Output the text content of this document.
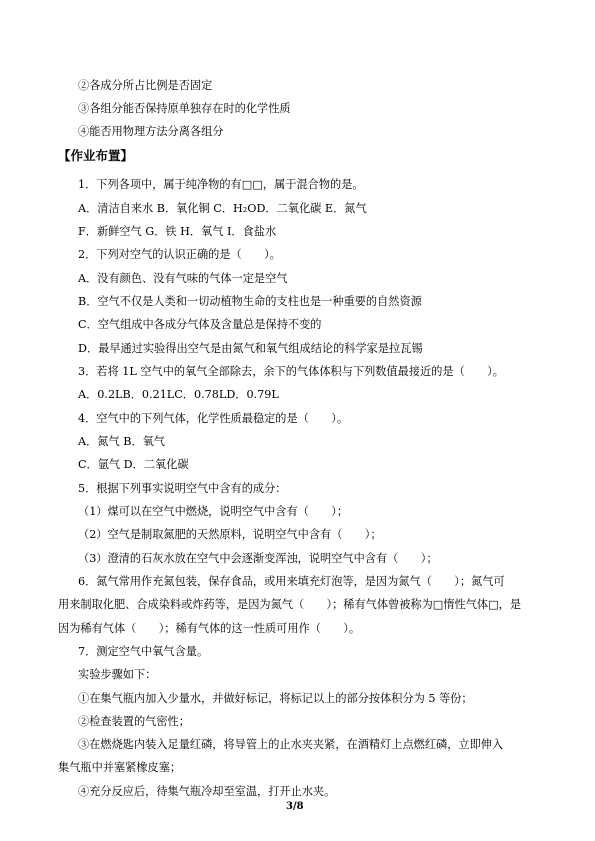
②各成分所占比例是否固定
③各组分能否保持原单独存在时的化学性质
④能否用物理方法分离各组分
【作业布置】
1．下列各项中，属于纯净物的有□□，属于混合物的是。
A．清洁自来水 B．氧化铜 C．H₂OD．二氧化碳 E．氮气
F．新鲜空气 G．铁 H．氧气 I．食盐水
2．下列对空气的认识正确的是（　　）。
A．没有颜色、没有气味的气体一定是空气
B．空气不仅是人类和一切动植物生命的支柱也是一种重要的自然资源
C．空气组成中各成分气体及含量总是保持不变的
D．最早通过实验得出空气是由氮气和氧气组成结论的科学家是拉瓦锡
3．若将 1L 空气中的氧气全部除去，余下的气体体积与下列数值最接近的是（　　）。
A．0.2LB．0.21LC．0.78LD．0.79L
4．空气中的下列气体，化学性质最稳定的是（　　）。
A．氮气 B．氧气
C．氩气 D．二氧化碳
5．根据下列事实说明空气中含有的成分：
（1）煤可以在空气中燃烧，说明空气中含有（　　）；
（2）空气是制取氮肥的天然原料，说明空气中含有（　　）；
（3）澄清的石灰水放在空气中会逐渐变浑浊，说明空气中含有（　　）；
6．氮气常用作充氮包装，保存食品，或用来填充灯泡等，是因为氮气（　　）；氮气可
用来制取化肥、合成染料或炸药等，是因为氮气（　　）；稀有气体曾被称为□惰性气体□，是
因为稀有气体（　　）；稀有气体的这一性质可用作（　　）。
7．测定空气中氧气含量。
实验步骤如下：
①在集气瓶内加入少量水，并做好标记，将标记以上的部分按体积分为 5 等份；
②检查装置的气密性；
③在燃烧匙内装入足量红磷，将导管上的止水夹夹紧，在酒精灯上点燃红磷，立即伸入
集气瓶中并塞紧橡皮塞；
④充分反应后，待集气瓶冷却至室温，打开止水夹。
3/8
